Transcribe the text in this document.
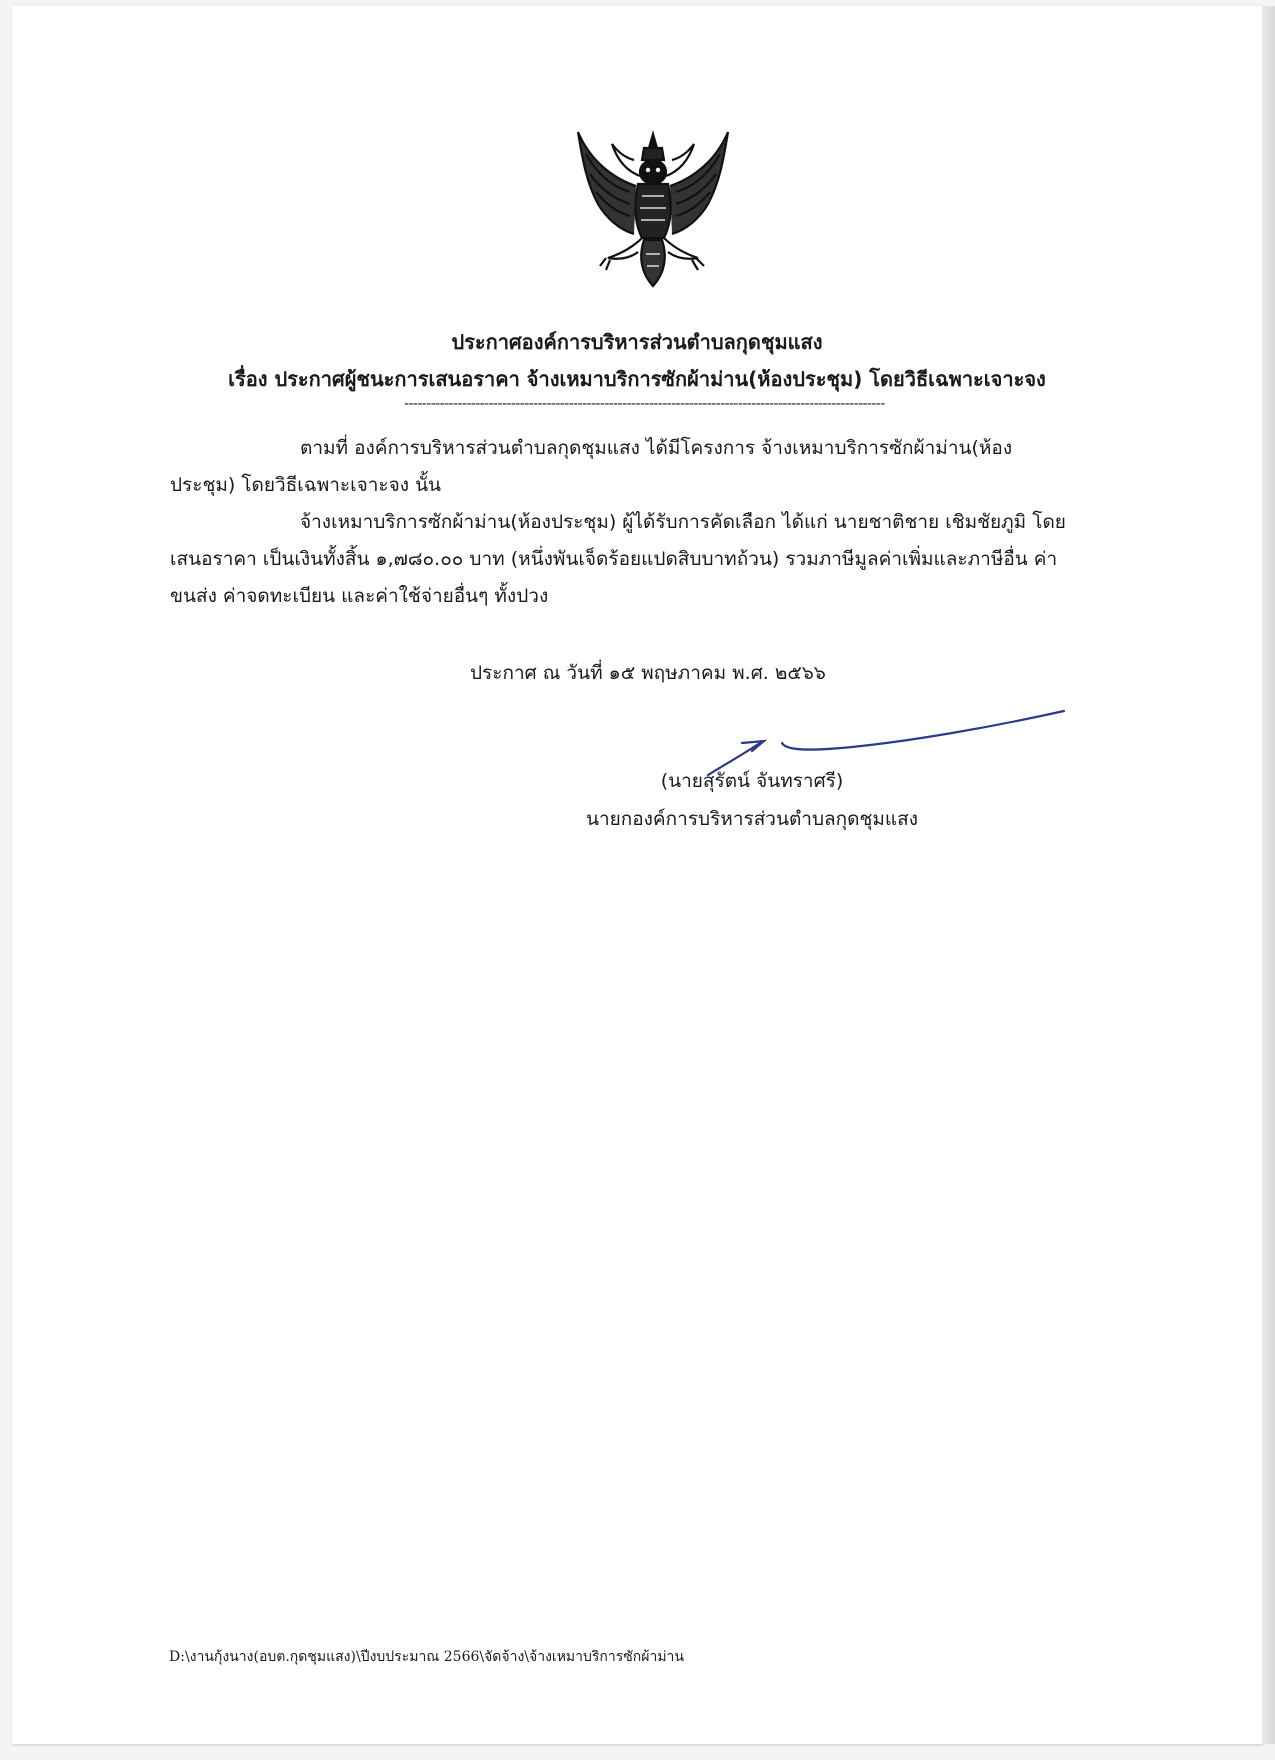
ประกาศองค์การบริหารส่วนตำบลกุดชุมแสง
เรื่อง ประกาศผู้ชนะการเสนอราคา จ้างเหมาบริการซักผ้าม่าน(ห้องประชุม) โดยวิธีเฉพาะเจาะจง
------------------------------------------------------------------------------------------------------------
ตามที่ องค์การบริหารส่วนตำบลกุดชุมแสง ได้มีโครงการ จ้างเหมาบริการซักผ้าม่าน(ห้อง
ประชุม) โดยวิธีเฉพาะเจาะจง นั้น
จ้างเหมาบริการซักผ้าม่าน(ห้องประชุม) ผู้ได้รับการคัดเลือก ได้แก่ นายชาติชาย เชิมชัยภูมิ โดย
เสนอราคา เป็นเงินทั้งสิ้น ๑,๗๘๐.๐๐ บาท (หนึ่งพันเจ็ดร้อยแปดสิบบาทถ้วน) รวมภาษีมูลค่าเพิ่มและภาษีอื่น ค่า
ขนส่ง ค่าจดทะเบียน และค่าใช้จ่ายอื่นๆ ทั้งปวง
ประกาศ ณ วันที่ ๑๕ พฤษภาคม พ.ศ. ๒๕๖๖
(นายสุรัตน์ จันทราศรี)
นายกองค์การบริหารส่วนตำบลกุดชุมแสง
D:\งานกุ้งนาง(อบต.กุดชุมแสง)\ปีงบประมาณ 2566\จัดจ้าง\จ้างเหมาบริการซักผ้าม่าน
